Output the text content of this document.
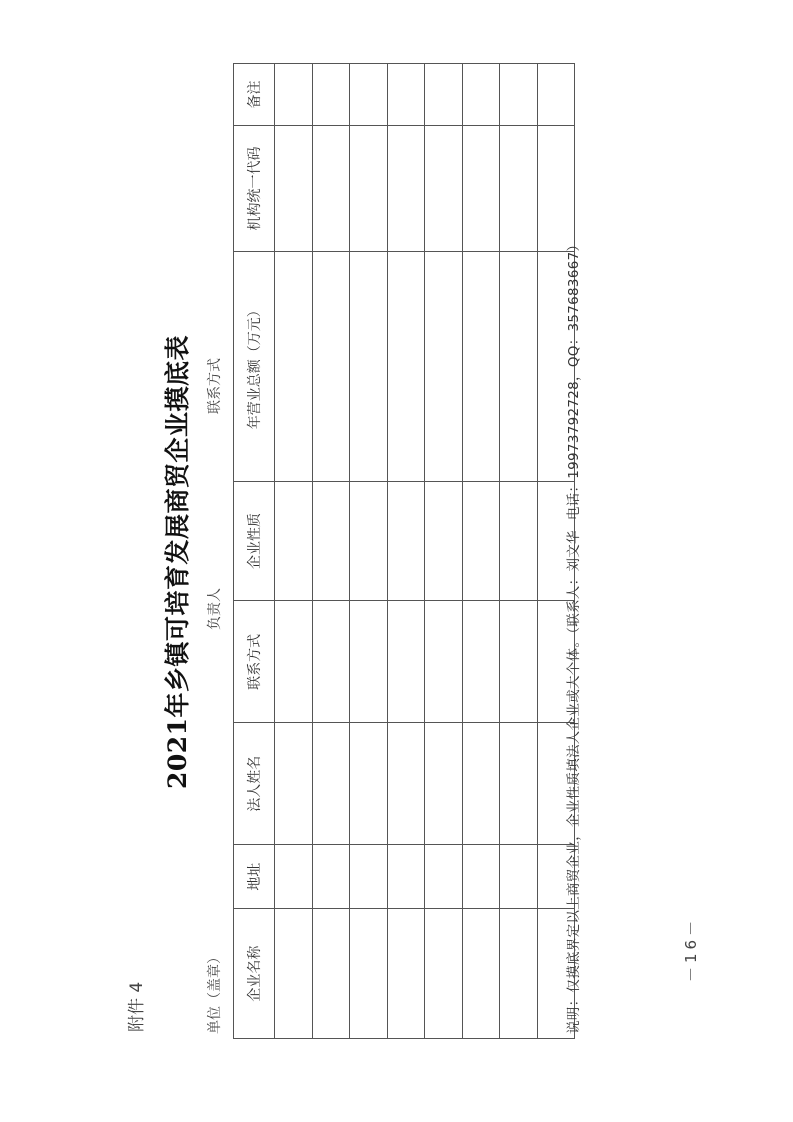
附件 4
2021年乡镇可培育发展商贸企业摸底表
单位（盖章）
负责人
联系方式
企业名称	地址	法人姓名	联系方式	企业性质	年营业总额（万元）	机构统一代码	备注

说明：仅摸底界定以上商贸企业，企业性质填法人企业或大个体。（联系人：刘文华电话：19973792728，QQ：357683667）
－16－
